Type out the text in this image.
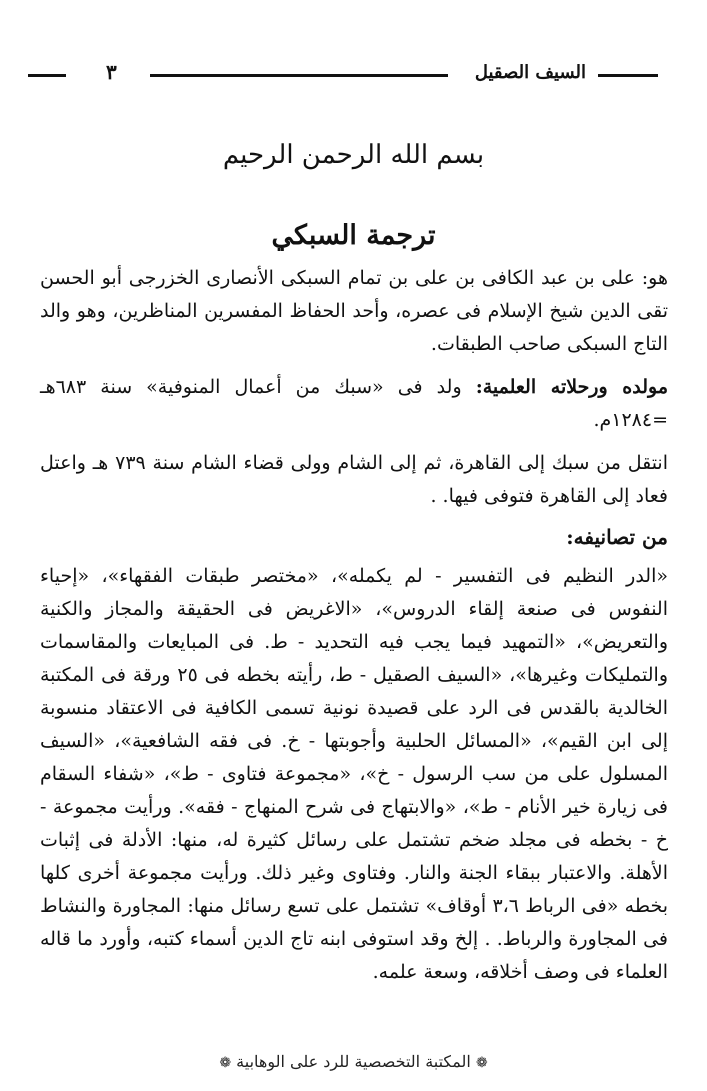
السيف الصقيل
٣
بسم الله الرحمن الرحيم
ترجمة السبكي

هو: على بن عبد الكافى بن على بن تمام السبكى الأنصارى الخزرجى أبو الحسن تقى الدين شيخ الإسلام فى عصره، وأحد الحفاظ المفسرين المناظرين، وهو والد التاج السبكى صاحب الطبقات.

مولده ورحلاته العلمية: ولد فى «سبك من أعمال المنوفية» سنة ٦٨٣هـ =١٢٨٤م.

انتقل من سبك إلى القاهرة، ثم إلى الشام وولى قضاء الشام سنة ٧٣٩ هـ واعتل فعاد إلى القاهرة فتوفى فيها. .

من تصانيفه:

«الدر النظيم فى التفسير - لم يكمله»، «مختصر طبقات الفقهاء»، «إحياء النفوس فى صنعة إلقاء الدروس»، «الاغريض فى الحقيقة والمجاز والكنية والتعريض»، «التمهيد فيما يجب فيه التحديد - ط. فى المبايعات والمقاسمات والتمليكات وغيرها»، «السيف الصقيل - ط، رأيته بخطه فى ٢٥ ورقة فى المكتبة الخالدية بالقدس فى الرد على قصيدة نونية تسمى الكافية فى الاعتقاد منسوبة إلى ابن القيم»، «المسائل الحلبية وأجوبتها - خ. فى فقه الشافعية»، «السيف المسلول على من سب الرسول - خ»، «مجموعة فتاوى - ط»، «شفاء السقام فى زيارة خير الأنام - ط»، «والابتهاج فى شرح المنهاج - فقه». ورأيت مجموعة - خ - بخطه فى مجلد ضخم تشتمل على رسائل كثيرة له، منها: الأدلة فى إثبات الأهلة. والاعتبار ببقاء الجنة والنار. وفتاوى وغير ذلك. ورأيت مجموعة أخرى كلها بخطه «فى الرباط ٣،٦ أوقاف» تشتمل على تسع رسائل منها: المجاورة والنشاط فى المجاورة والرباط. . إلخ وقد استوفى ابنه تاج الدين أسماء كتبه، وأورد ما قاله العلماء فى وصف أخلاقه، وسعة علمه.

❁ المكتبة التخصصية للرد على الوهابية ❁
